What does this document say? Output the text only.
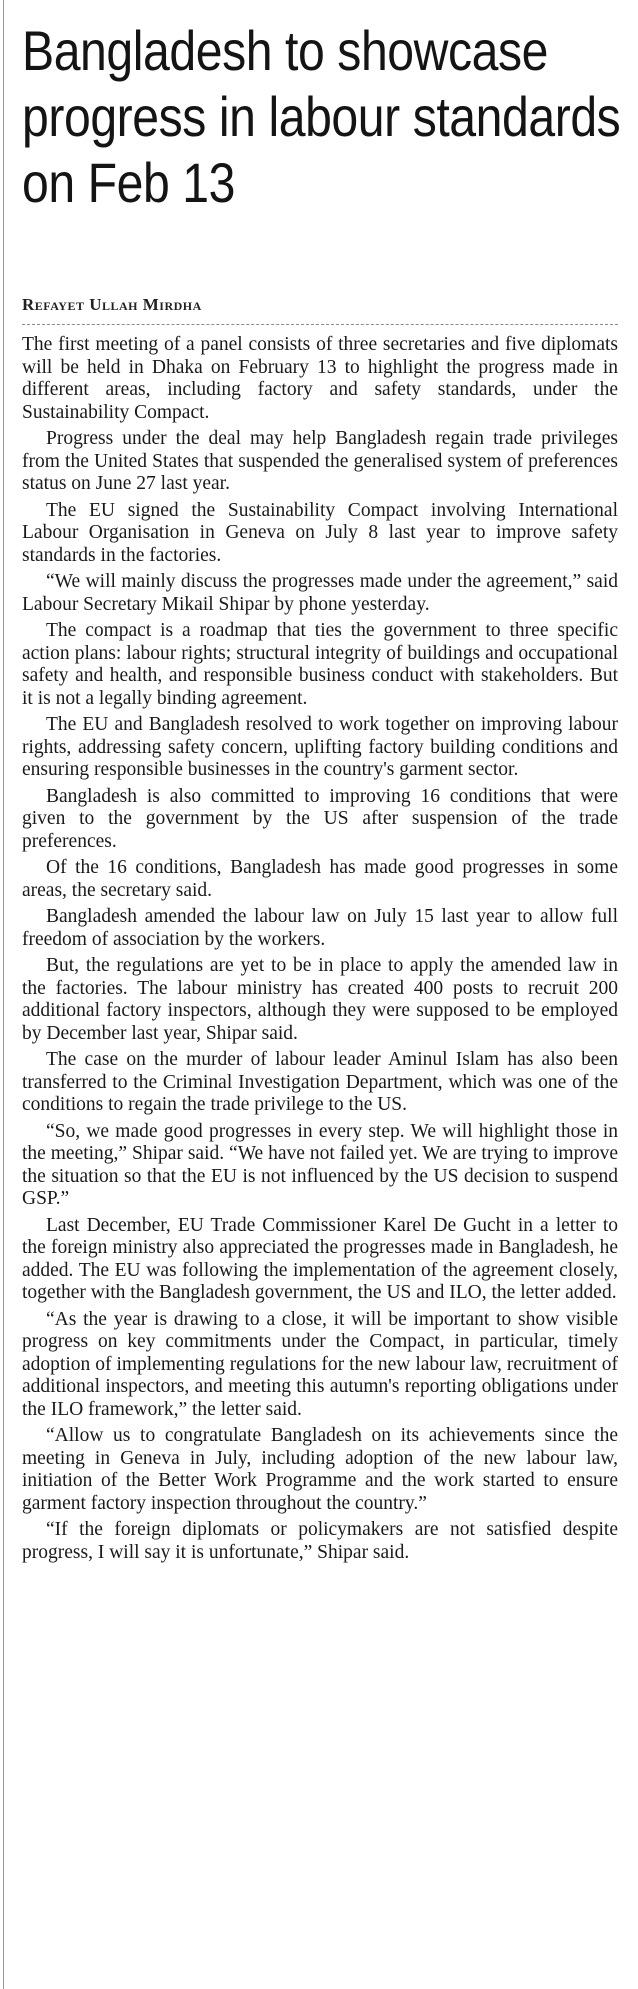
Bangladesh to showcase progress in labour standards on Feb 13
Refayet Ullah Mirdha

The first meeting of a panel consists of three secretaries and five diplomats will be held in Dhaka on February 13 to highlight the progress made in different areas, including factory and safety standards, under the Sustainability Compact.

Progress under the deal may help Bangladesh regain trade privileges from the United States that suspended the generalised system of preferences status on June 27 last year.

The EU signed the Sustainability Compact involving International Labour Organisation in Geneva on July 8 last year to improve safety standards in the factories.

“We will mainly discuss the progresses made under the agreement,” said Labour Secretary Mikail Shipar by phone yesterday.

The compact is a roadmap that ties the government to three specific action plans: labour rights; structural integrity of buildings and occupational safety and health, and responsible business conduct with stakeholders. But it is not a legally binding agreement.

The EU and Bangladesh resolved to work together on improving labour rights, addressing safety concern, uplifting factory building conditions and ensuring responsible businesses in the country's garment sector.

Bangladesh is also committed to improving 16 conditions that were given to the government by the US after suspension of the trade preferences.

Of the 16 conditions, Bangladesh has made good progresses in some areas, the secretary said.

Bangladesh amended the labour law on July 15 last year to allow full freedom of association by the workers.

But, the regulations are yet to be in place to apply the amended law in the factories. The labour ministry has created 400 posts to recruit 200 additional factory inspectors, although they were supposed to be employed by December last year, Shipar said.

The case on the murder of labour leader Aminul Islam has also been transferred to the Criminal Investigation Department, which was one of the conditions to regain the trade privilege to the US.

“So, we made good progresses in every step. We will highlight those in the meeting,” Shipar said. “We have not failed yet. We are trying to improve the situation so that the EU is not influenced by the US decision to suspend GSP.”

Last December, EU Trade Commissioner Karel De Gucht in a letter to the foreign ministry also appreciated the progresses made in Bangladesh, he added. The EU was following the implementation of the agreement closely, together with the Bangladesh government, the US and ILO, the letter added.

“As the year is drawing to a close, it will be important to show visible progress on key commitments under the Compact, in particular, timely adoption of implementing regulations for the new labour law, recruitment of additional inspectors, and meeting this autumn's reporting obligations under the ILO framework,” the letter said.

“Allow us to congratulate Bangladesh on its achievements since the meeting in Geneva in July, including adoption of the new labour law, initiation of the Better Work Programme and the work started to ensure garment factory inspection throughout the country.”

“If the foreign diplomats or policymakers are not satisfied despite progress, I will say it is unfortunate,” Shipar said.
